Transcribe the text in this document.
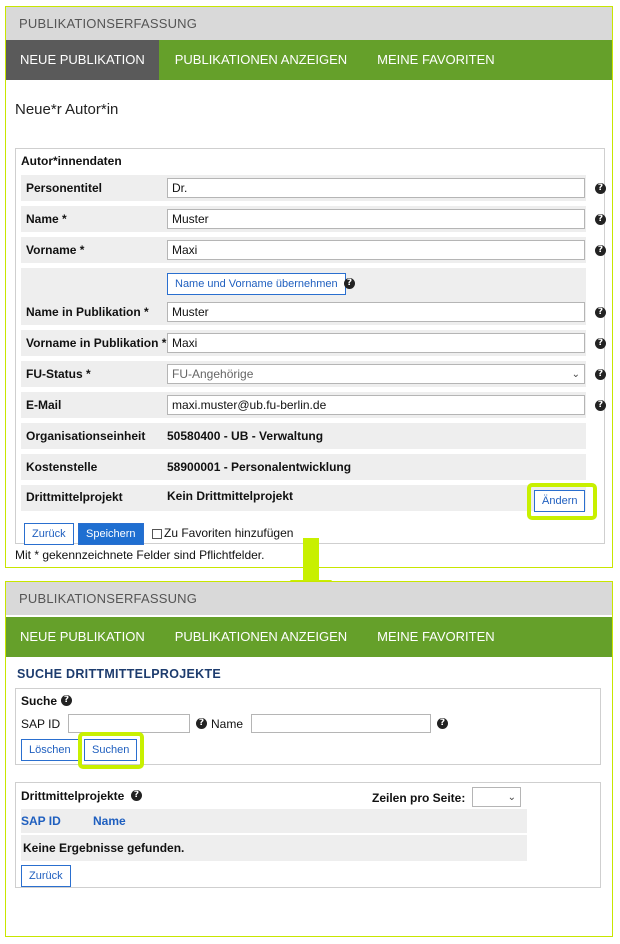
PUBLIKATIONSERFASSUNG
NEUE PUBLIKATION	PUBLIKATIONEN ANZEIGEN	MEINE FAVORITEN
Neue*r Autor*in
Autor*innendaten
Personentitel	Dr.	?
Name *	Muster	?
Vorname *	Maxi	?
Name und Vorname übernehmen	?
Name in Publikation *	Muster	?
Vorname in Publikation * Maxi	?
FU-Status *	FU-Angehörige	⌄	?
E-Mail	maxi.muster@ub.fu-berlin.de	?
Organisationseinheit 50580400 - UB - Verwaltung
Kostenstelle	58900001 - Personalentwicklung
Drittmittelprojekt	Kein Drittmittelprojekt	Ändern
Zurück	Speichern	Zu Favoriten hinzufügen
Mit * gekennzeichnete Felder sind Pflichtfelder.
PUBLIKATIONSERFASSUNG
NEUE PUBLIKATION	PUBLIKATIONEN ANZEIGEN	MEINE FAVORITEN
SUCHE DRITTMITTELPROJEKTE
Suche ?
SAP ID	? Name	?
Löschen	Suchen
Drittmittelprojekte	?	Zeilen pro Seite:	⌄
SAP ID	Name
Keine Ergebnisse gefunden.
Zurück
